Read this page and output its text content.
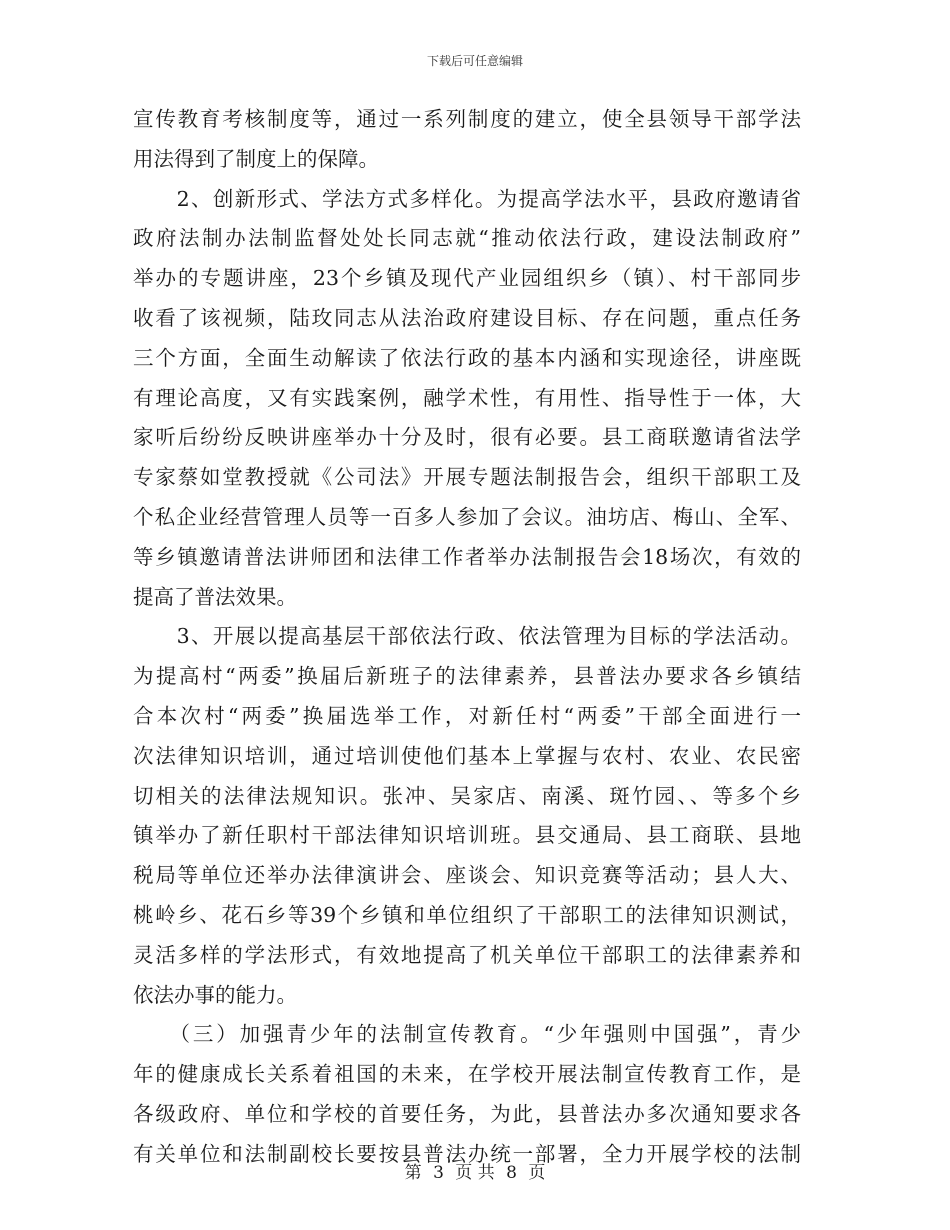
下载后可任意编辑
宣传教育考核制度等，通过一系列制度的建立，使全县领导干部学法
用法得到了制度上的保障。
　　2、创新形式、学法方式多样化。为提高学法水平，县政府邀请省
政府法制办法制监督处处长同志就“推动依法行政，建设法制政府”
举办的专题讲座，23个乡镇及现代产业园组织乡（镇）、村干部同步
收看了该视频，陆玫同志从法治政府建设目标、存在问题，重点任务
三个方面，全面生动解读了依法行政的基本内涵和实现途径，讲座既
有理论高度，又有实践案例，融学术性，有用性、指导性于一体，大
家听后纷纷反映讲座举办十分及时，很有必要。县工商联邀请省法学
专家蔡如堂教授就《公司法》开展专题法制报告会，组织干部职工及
个私企业经营管理人员等一百多人参加了会议。油坊店、梅山、全军、
等乡镇邀请普法讲师团和法律工作者举办法制报告会18场次，有效的
提高了普法效果。
　　3、开展以提高基层干部依法行政、依法管理为目标的学法活动。
为提高村“两委”换届后新班子的法律素养，县普法办要求各乡镇结
合本次村“两委”换届选举工作，对新任村“两委”干部全面进行一
次法律知识培训，通过培训使他们基本上掌握与农村、农业、农民密
切相关的法律法规知识。张冲、吴家店、南溪、斑竹园、、等多个乡
镇举办了新任职村干部法律知识培训班。县交通局、县工商联、县地
税局等单位还举办法律演讲会、座谈会、知识竞赛等活动；县人大、
桃岭乡、花石乡等39个乡镇和单位组织了干部职工的法律知识测试，
灵活多样的学法形式，有效地提高了机关单位干部职工的法律素养和
依法办事的能力。
　　（三）加强青少年的法制宣传教育。“少年强则中国强”，青少
年的健康成长关系着祖国的未来，在学校开展法制宣传教育工作，是
各级政府、单位和学校的首要任务，为此，县普法办多次通知要求各
有关单位和法制副校长要按县普法办统一部署，全力开展学校的法制
第 3 页 共 8 页
